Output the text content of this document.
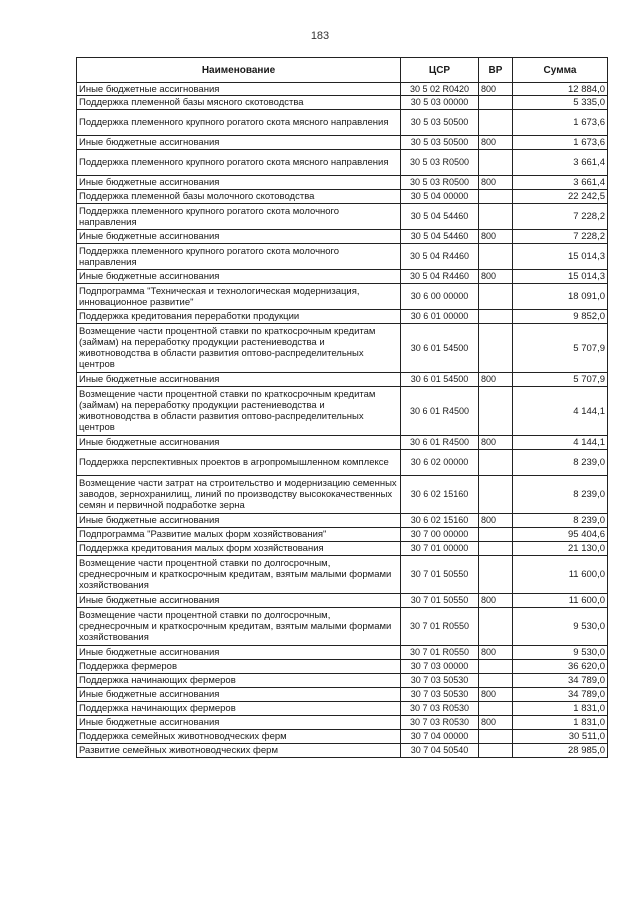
183
Наименование	ЦСР	ВР	Сумма
Иные бюджетные ассигнования	30 5 02 R0420	800	12 884,0
Поддержка племенной базы мясного скотоводства	30 5 03 00000		5 335,0
Поддержка племенного крупного рогатого скота мясного направления	30 5 03 50500		1 673,6
Иные бюджетные ассигнования	30 5 03 50500	800	1 673,6
Поддержка племенного крупного рогатого скота мясного направления	30 5 03 R0500		3 661,4
Иные бюджетные ассигнования	30 5 03 R0500	800	3 661,4
Поддержка племенной базы молочного скотоводства	30 5 04 00000		22 242,5
Поддержка племенного крупного рогатого скота молочного направления	30 5 04 54460		7 228,2
Иные бюджетные ассигнования	30 5 04 54460	800	7 228,2
Поддержка племенного крупного рогатого скота молочного направления	30 5 04 R4460		15 014,3
Иные бюджетные ассигнования	30 5 04 R4460	800	15 014,3
Подпрограмма "Техническая и технологическая модернизация, инновационное развитие"	30 6 00 00000		18 091,0
Поддержка кредитования переработки продукции	30 6 01 00000		9 852,0
Возмещение части процентной ставки по краткосрочным кредитам (займам) на переработку продукции растениеводства и животноводства в области развития оптово-распределительных центров	30 6 01 54500		5 707,9
Иные бюджетные ассигнования	30 6 01 54500	800	5 707,9
Возмещение части процентной ставки по краткосрочным кредитам (займам) на переработку продукции растениеводства и животноводства в области развития оптово-распределительных центров	30 6 01 R4500		4 144,1
Иные бюджетные ассигнования	30 6 01 R4500	800	4 144,1
Поддержка перспективных проектов в агропромышленном комплексе	30 6 02 00000		8 239,0
Возмещение части затрат на строительство и модернизацию семенных заводов, зернохранилищ, линий по производству высококачественных семян и первичной подработке зерна	30 6 02 15160		8 239,0
Иные бюджетные ассигнования	30 6 02 15160	800	8 239,0
Подпрограмма "Развитие малых форм хозяйствования"	30 7 00 00000		95 404,6
Поддержка кредитования малых форм хозяйствования	30 7 01 00000		21 130,0
Возмещение части процентной ставки по долгосрочным, среднесрочным и краткосрочным кредитам, взятым малыми формами хозяйствования	30 7 01 50550		11 600,0
Иные бюджетные ассигнования	30 7 01 50550	800	11 600,0
Возмещение части процентной ставки по долгосрочным, среднесрочным и краткосрочным кредитам, взятым малыми формами хозяйствования	30 7 01 R0550		9 530,0
Иные бюджетные ассигнования	30 7 01 R0550	800	9 530,0
Поддержка фермеров	30 7 03 00000		36 620,0
Поддержка начинающих фермеров	30 7 03 50530		34 789,0
Иные бюджетные ассигнования	30 7 03 50530	800	34 789,0
Поддержка начинающих фермеров	30 7 03 R0530		1 831,0
Иные бюджетные ассигнования	30 7 03 R0530	800	1 831,0
Поддержка семейных животноводческих ферм	30 7 04 00000		30 511,0
Развитие семейных животноводческих ферм	30 7 04 50540		28 985,0
